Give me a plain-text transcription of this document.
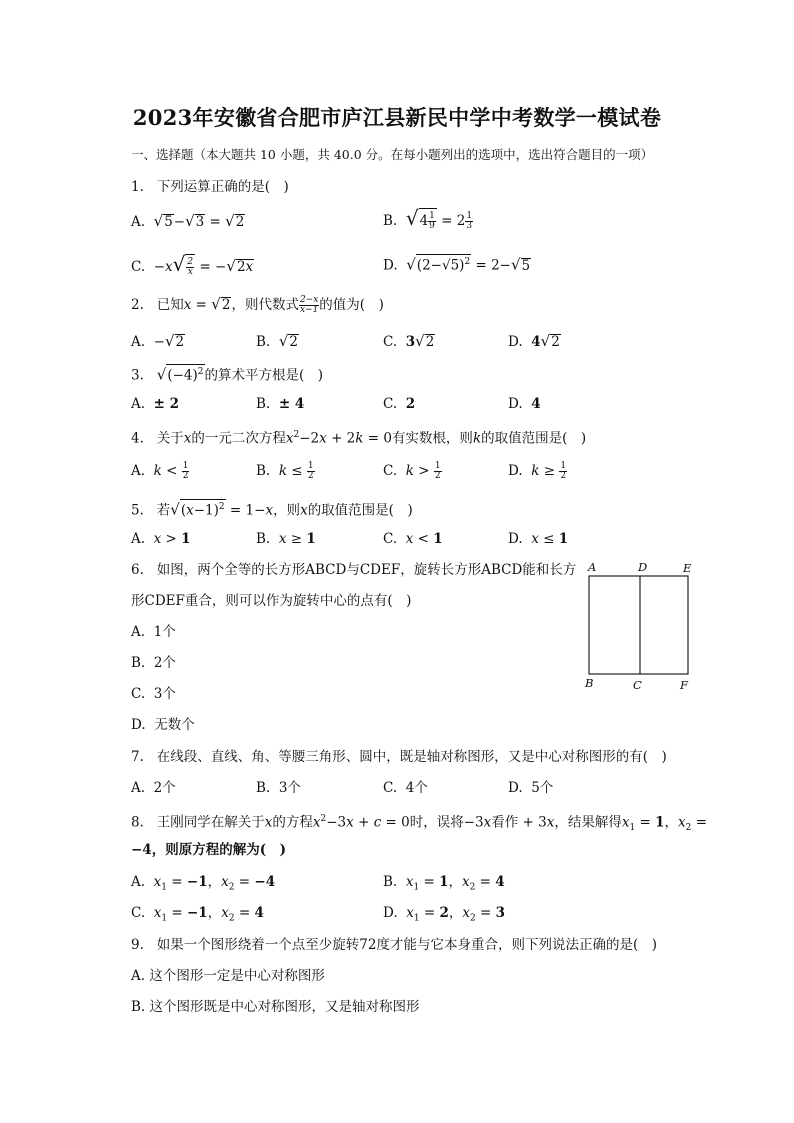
2023年安徽省合肥市庐江县新民中学中考数学一模试卷
一、选择题（本大题共 10 小题，共 40.0 分。在每小题列出的选项中，选出符合题目的一项）
1. 下列运算正确的是(　)
A. √5−√3 = √2	B. $√4 \frac{1}{9} = 2 \frac{1}{3}$
C.  $-x√ \frac{2}{x} = -√2x$	D. $√(2-√5)^2 = 2-√5$
2. 已知x = √2，则代数式 $\frac{2-x}{x-1}$ 的值为(　)
A.  −√2	B. √2	C. 3√2	D. 4√2
3. $√(-4)^2$的算术平方根是(　)
A. ± 2	B. ± 4	C. 2	D. 4
4. 关于x的一元二次方程$x^2-2x + 2k = 0$有实数根，则k的取值范围是(　)
A. $k < \frac{1}{2}$	B. $k \le \frac{1}{2}$	C. $k > \frac{1}{2}$	D. $k \ge \frac{1}{2}$
5. 若$√(x-1)^2 = 1-x$，则x的取值范围是(　)
A. x > 1	B. x ≥ 1	C. x < 1	D. x ≤ 1
6. 如图，两个全等的长方形ABCD与CDEF，旋转长方形ABCD能和长方
形CDEF重合，则可以作为旋转中心的点有(　)
A. 1个
B. 2个
C. 3个
D. 无数个
A	D	E
B	C	F
7. 在线段、直线、角、等腰三角形、圆中，既是轴对称图形，又是中心对称图形的有(　)
A. 2个	B. 3个	C. 4个	D. 5个
8. 王刚同学在解关于x的方程$x^2-3x + c = 0$时，误将−3x看作 + 3x，结果解得$x_1 = 1$，$x_2$ =
−4，则原方程的解为(　)
A. $x_1 = -1$，$x_2 = -4$	B. $x_1 = 1$，$x_2 = 4$
C. $x_1 = -1$，$x_2 = 4$	D. $x_1 = 2$，$x_2 = 3$
9. 如果一个图形绕着一个点至少旋转72度才能与它本身重合，则下列说法正确的是(　)
A. 这个图形一定是中心对称图形
B. 这个图形既是中心对称图形，又是轴对称图形
